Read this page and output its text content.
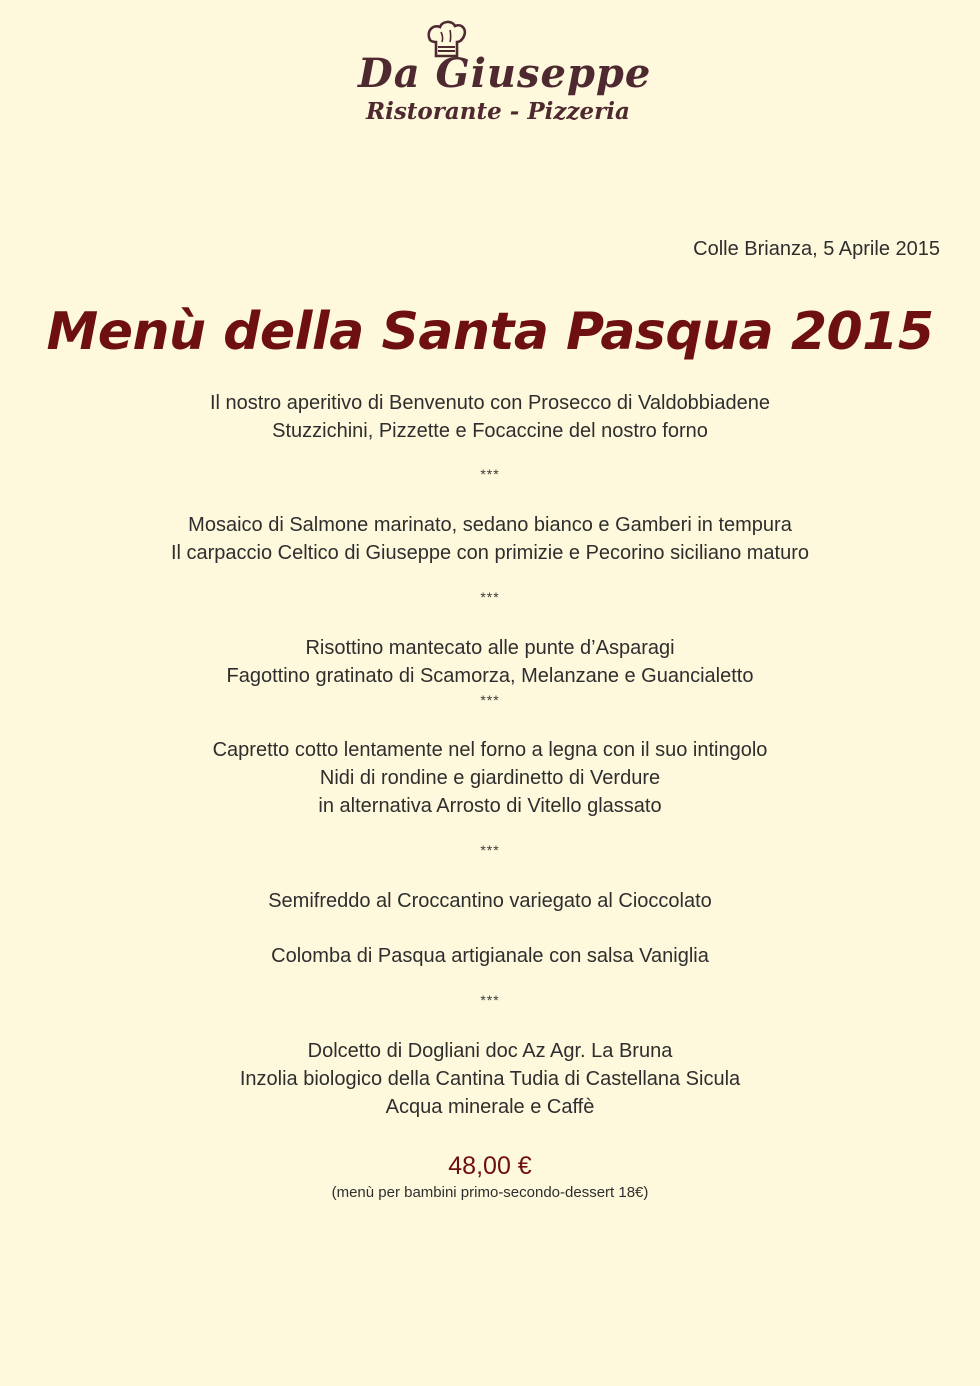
Da Giuseppe
Ristorante - Pizzeria
Colle Brianza, 5 Aprile 2015
Menù della Santa Pasqua 2015
Il nostro aperitivo di Benvenuto con Prosecco di Valdobbiadene
Stuzzichini, Pizzette e Focaccine del nostro forno
***
Mosaico di Salmone marinato, sedano bianco e Gamberi in tempura
Il carpaccio Celtico di Giuseppe con primizie e Pecorino siciliano maturo
***
Risottino mantecato alle punte d’Asparagi
Fagottino gratinato di Scamorza, Melanzane e Guancialetto
***
Capretto cotto lentamente nel forno a legna con il suo intingolo
Nidi di rondine e giardinetto di Verdure
in alternativa Arrosto di Vitello glassato
***
Semifreddo al Croccantino variegato al Cioccolato
Colomba di Pasqua artigianale con salsa Vaniglia
***
Dolcetto di Dogliani doc Az Agr. La Bruna
Inzolia biologico della Cantina Tudia di Castellana Sicula
Acqua minerale e Caffè
48,00 €
(menù per bambini primo-secondo-dessert 18€)
